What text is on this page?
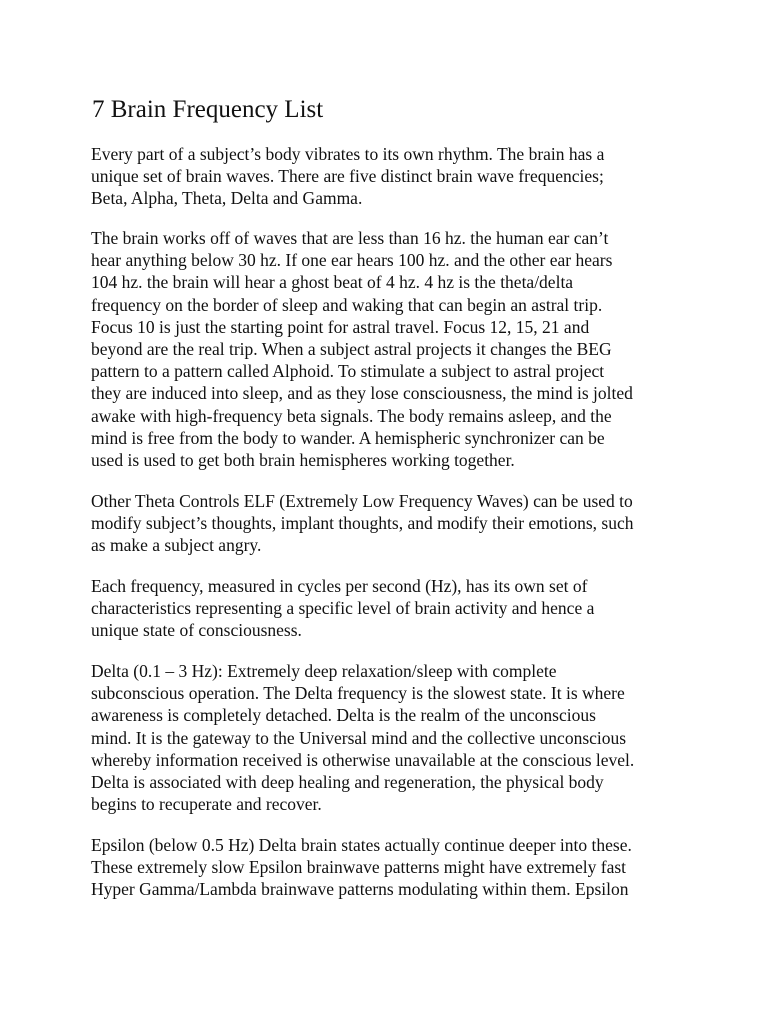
7 Brain Frequency List

Every part of a subject’s body vibrates to its own rhythm. The brain has a
unique set of brain waves. There are five distinct brain wave frequencies;
Beta, Alpha, Theta, Delta and Gamma.

The brain works off of waves that are less than 16 hz. the human ear can’t
hear anything below 30 hz. If one ear hears 100 hz. and the other ear hears
104 hz. the brain will hear a ghost beat of 4 hz. 4 hz is the theta/delta
frequency on the border of sleep and waking that can begin an astral trip.
Focus 10 is just the starting point for astral travel. Focus 12, 15, 21 and
beyond are the real trip. When a subject astral projects it changes the BEG
pattern to a pattern called Alphoid. To stimulate a subject to astral project
they are induced into sleep, and as they lose consciousness, the mind is jolted
awake with high-frequency beta signals. The body remains asleep, and the
mind is free from the body to wander. A hemispheric synchronizer can be
used is used to get both brain hemispheres working together.

Other Theta Controls ELF (Extremely Low Frequency Waves) can be used to
modify subject’s thoughts, implant thoughts, and modify their emotions, such
as make a subject angry.

Each frequency, measured in cycles per second (Hz), has its own set of
characteristics representing a specific level of brain activity and hence a
unique state of consciousness.

Delta (0.1 – 3 Hz): Extremely deep relaxation/sleep with complete
subconscious operation. The Delta frequency is the slowest state. It is where
awareness is completely detached. Delta is the realm of the unconscious
mind. It is the gateway to the Universal mind and the collective unconscious
whereby information received is otherwise unavailable at the conscious level.
Delta is associated with deep healing and regeneration, the physical body
begins to recuperate and recover.

Epsilon (below 0.5 Hz) Delta brain states actually continue deeper into these.
These extremely slow Epsilon brainwave patterns might have extremely fast
Hyper Gamma/Lambda brainwave patterns modulating within them. Epsilon
